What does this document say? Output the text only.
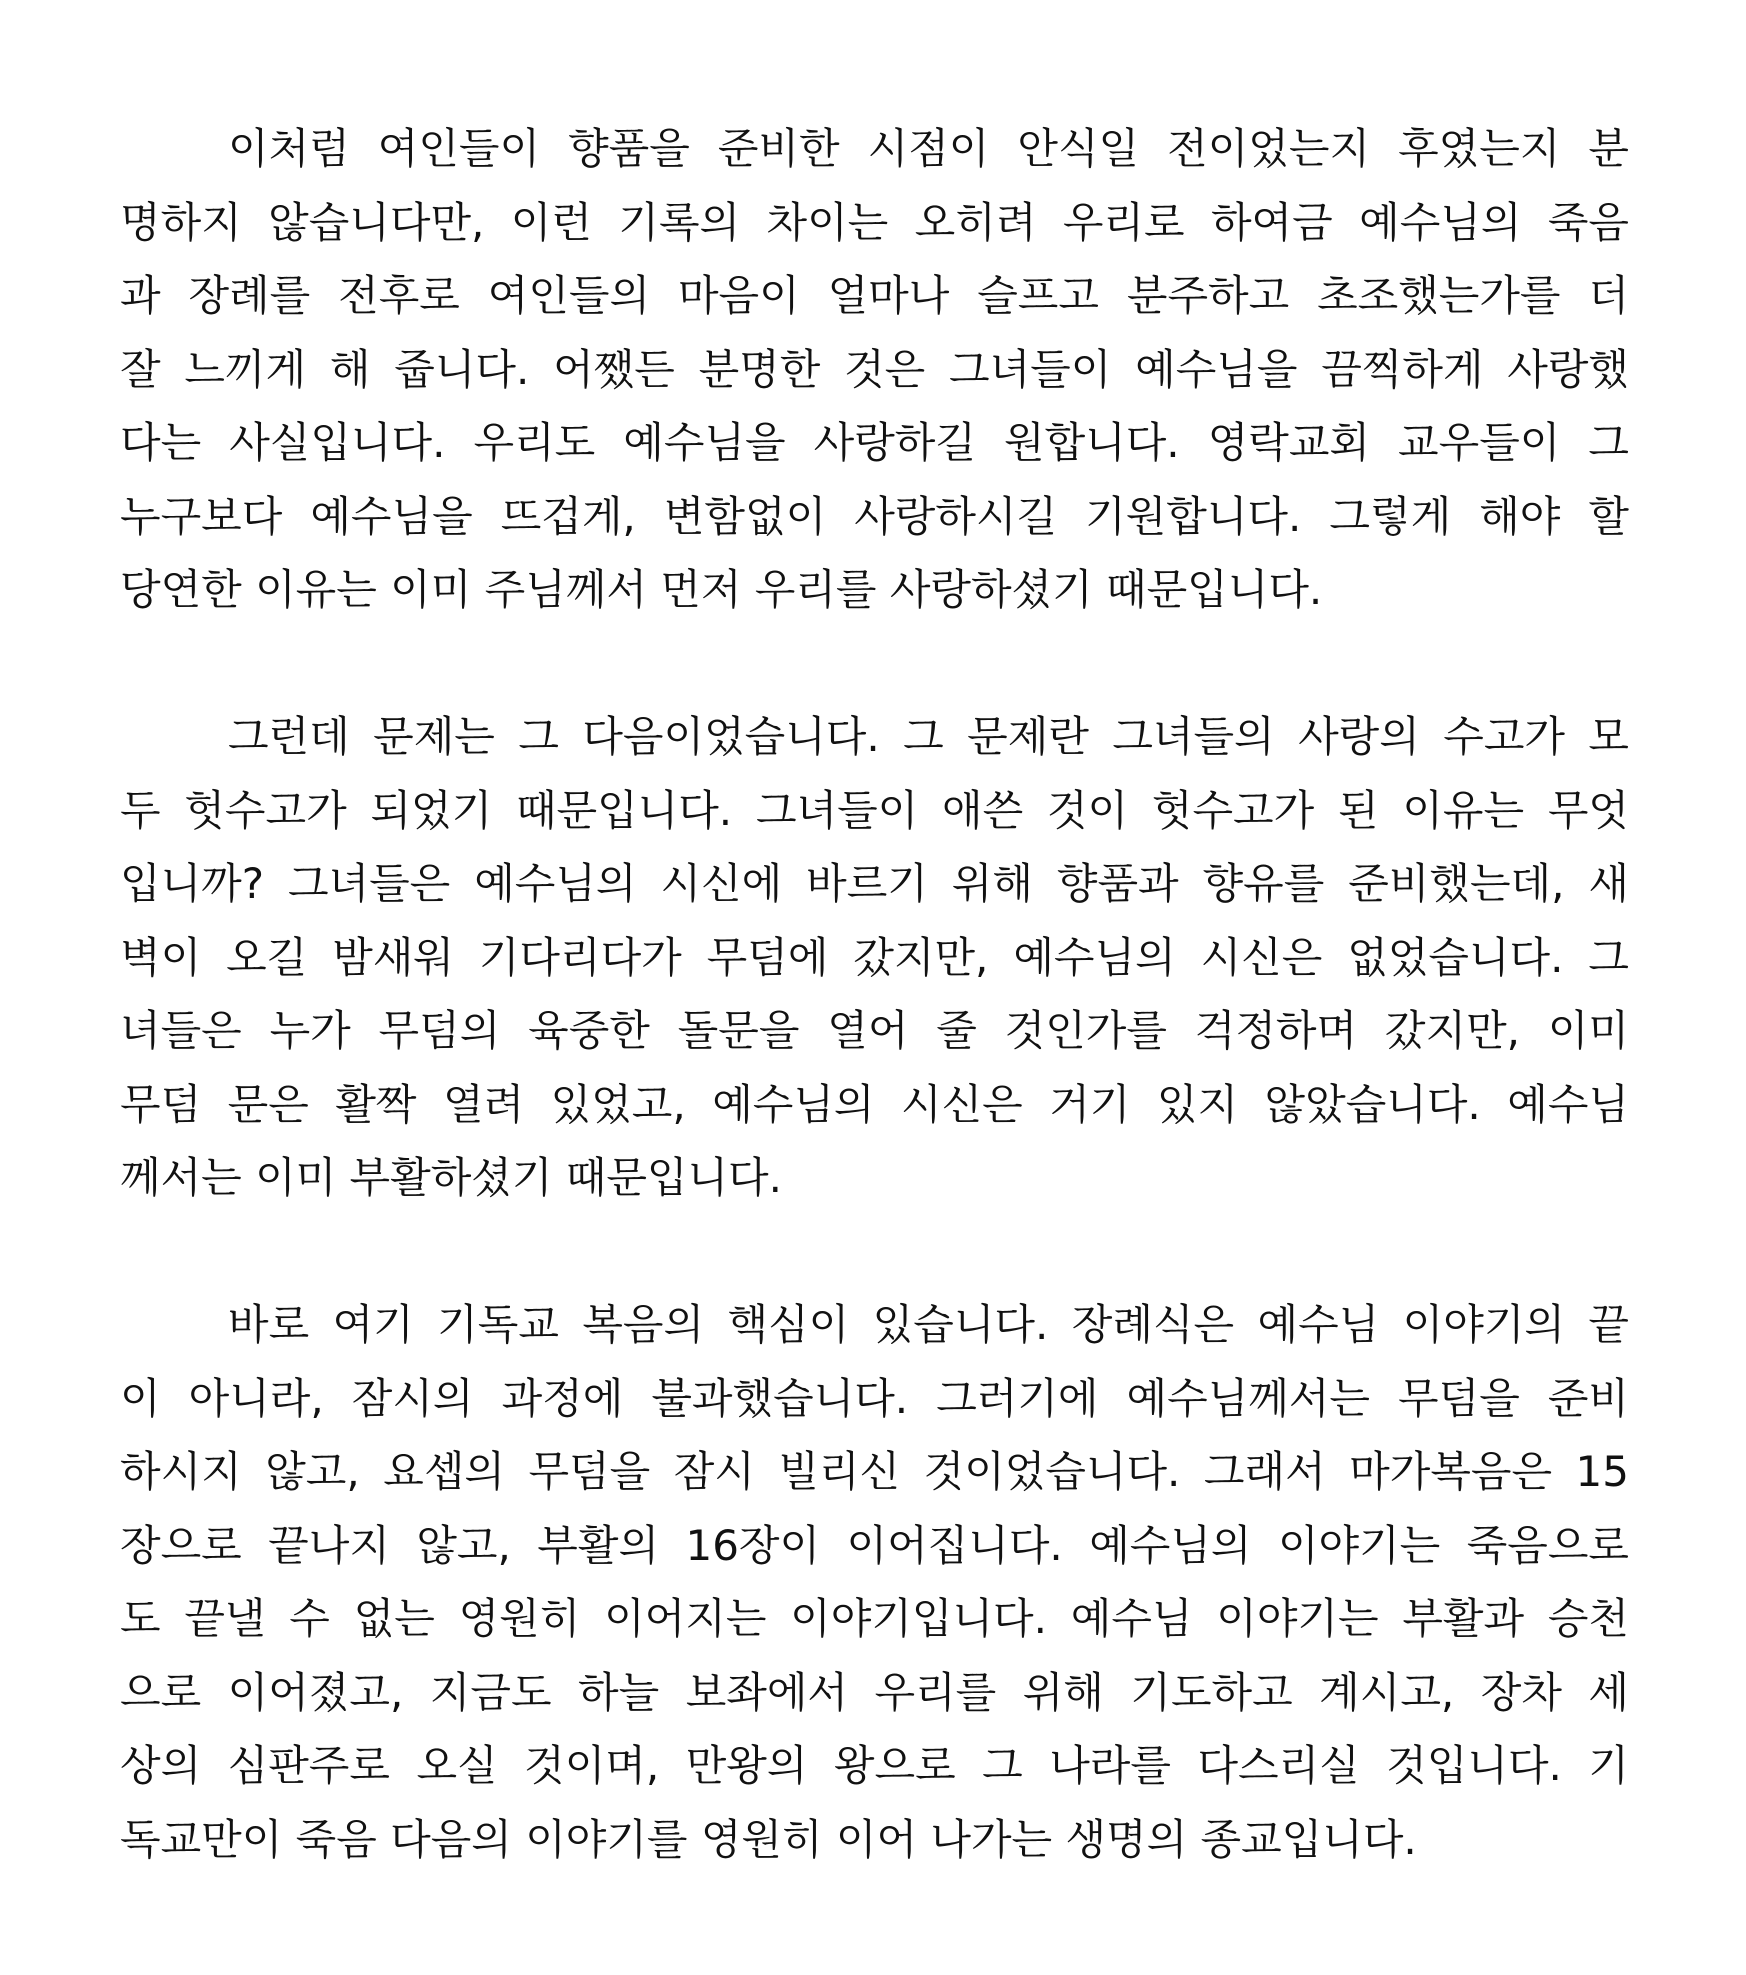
이처럼 여인들이 향품을 준비한 시점이 안식일 전이었는지 후였는지 분
명하지 않습니다만, 이런 기록의 차이는 오히려 우리로 하여금 예수님의 죽음
과 장례를 전후로 여인들의 마음이 얼마나 슬프고 분주하고 초조했는가를 더
잘 느끼게 해 줍니다. 어쨌든 분명한 것은 그녀들이 예수님을 끔찍하게 사랑했
다는 사실입니다. 우리도 예수님을 사랑하길 원합니다. 영락교회 교우들이 그
누구보다 예수님을 뜨겁게, 변함없이 사랑하시길 기원합니다. 그렇게 해야 할
당연한 이유는 이미 주님께서 먼저 우리를 사랑하셨기 때문입니다.

그런데 문제는 그 다음이었습니다. 그 문제란 그녀들의 사랑의 수고가 모
두 헛수고가 되었기 때문입니다. 그녀들이 애쓴 것이 헛수고가 된 이유는 무엇
입니까? 그녀들은 예수님의 시신에 바르기 위해 향품과 향유를 준비했는데, 새
벽이 오길 밤새워 기다리다가 무덤에 갔지만, 예수님의 시신은 없었습니다. 그
녀들은 누가 무덤의 육중한 돌문을 열어 줄 것인가를 걱정하며 갔지만, 이미
무덤 문은 활짝 열려 있었고, 예수님의 시신은 거기 있지 않았습니다. 예수님
께서는 이미 부활하셨기 때문입니다.

바로 여기 기독교 복음의 핵심이 있습니다. 장례식은 예수님 이야기의 끝
이 아니라, 잠시의 과정에 불과했습니다. 그러기에 예수님께서는 무덤을 준비
하시지 않고, 요셉의 무덤을 잠시 빌리신 것이었습니다. 그래서 마가복음은 15
장으로 끝나지 않고, 부활의 16장이 이어집니다. 예수님의 이야기는 죽음으로
도 끝낼 수 없는 영원히 이어지는 이야기입니다. 예수님 이야기는 부활과 승천
으로 이어졌고, 지금도 하늘 보좌에서 우리를 위해 기도하고 계시고, 장차 세
상의 심판주로 오실 것이며, 만왕의 왕으로 그 나라를 다스리실 것입니다. 기
독교만이 죽음 다음의 이야기를 영원히 이어 나가는 생명의 종교입니다.
